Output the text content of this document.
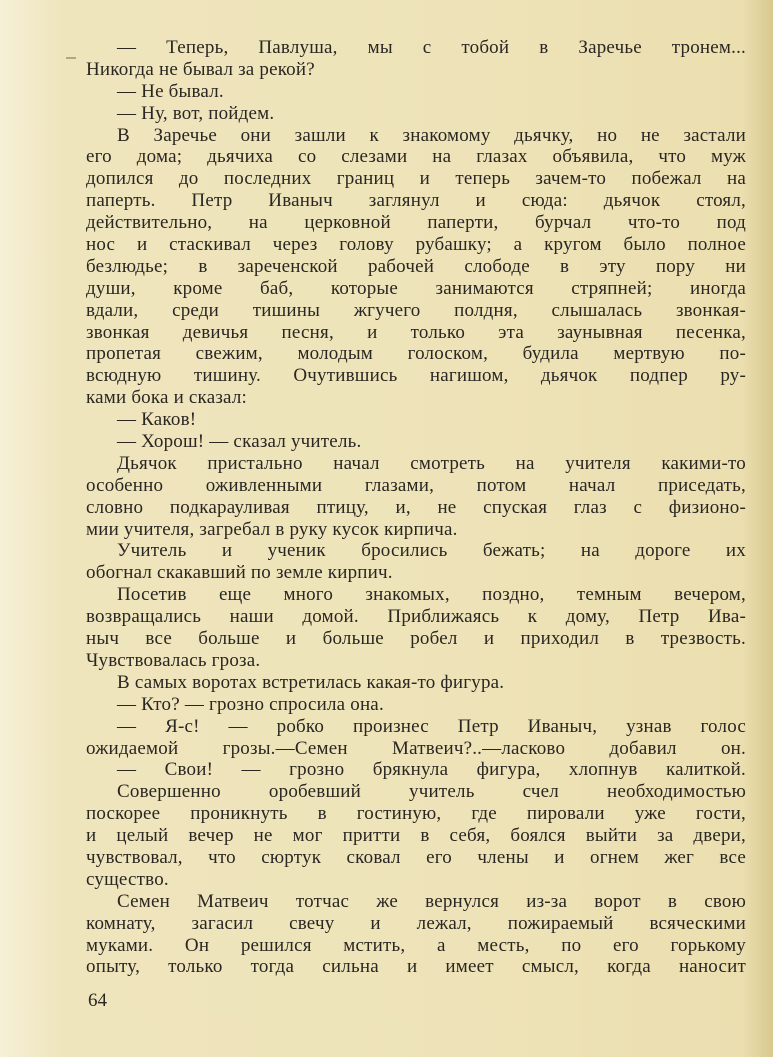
— Теперь, Павлуша, мы с тобой в Заречье тронем...
Никогда не бывал за рекой?
— Не бывал.
— Ну, вот, пойдем.
В Заречье они зашли к знакомому дьячку, но не застали
его дома; дьячиха со слезами на глазах объявила, что муж
допился до последних границ и теперь зачем-то побежал на
паперть. Петр Иваныч заглянул и сюда: дьячок стоял,
действительно, на церковной паперти, бурчал что-то под
нос и стаскивал через голову рубашку; а кругом было полное
безлюдье; в зареченской рабочей слободе в эту пору ни
души, кроме баб, которые занимаются стряпней; иногда
вдали, среди тишины жгучего полдня, слышалась звонкая-
звонкая девичья песня, и только эта заунывная песенка,
пропетая свежим, молодым голоском, будила мертвую по-
всюдную тишину. Очутившись нагишом, дьячок подпер ру-
ками бока и сказал:
— Каков!
— Хорош! — сказал учитель.
Дьячок пристально начал смотреть на учителя какими-то
особенно оживленными глазами, потом начал приседать,
словно подкарауливая птицу, и, не спуская глаз с физионо-
мии учителя, загребал в руку кусок кирпича.
Учитель и ученик бросились бежать; на дороге их
обогнал скакавший по земле кирпич.
Посетив еще много знакомых, поздно, темным вечером,
возвращались наши домой. Приближаясь к дому, Петр Ива-
ныч все больше и больше робел и приходил в трезвость.
Чувствовалась гроза.
В самых воротах встретилась какая-то фигура.
— Кто? — грозно спросила она.
— Я-с! — робко произнес Петр Иваныч, узнав голос
ожидаемой грозы.—Семен Матвеич?..—ласково добавил он.
— Свои! — грозно брякнула фигура, хлопнув калиткой.
Совершенно оробевший учитель счел необходимостью
поскорее проникнуть в гостиную, где пировали уже гости,
и целый вечер не мог притти в себя, боялся выйти за двери,
чувствовал, что сюртук сковал его члены и огнем жег все
существо.
Семен Матвеич тотчас же вернулся из-за ворот в свою
комнату, загасил свечу и лежал, пожираемый всяческими
муками. Он решился мстить, а месть, по его горькому
опыту, только тогда сильна и имеет смысл, когда наносит
64
